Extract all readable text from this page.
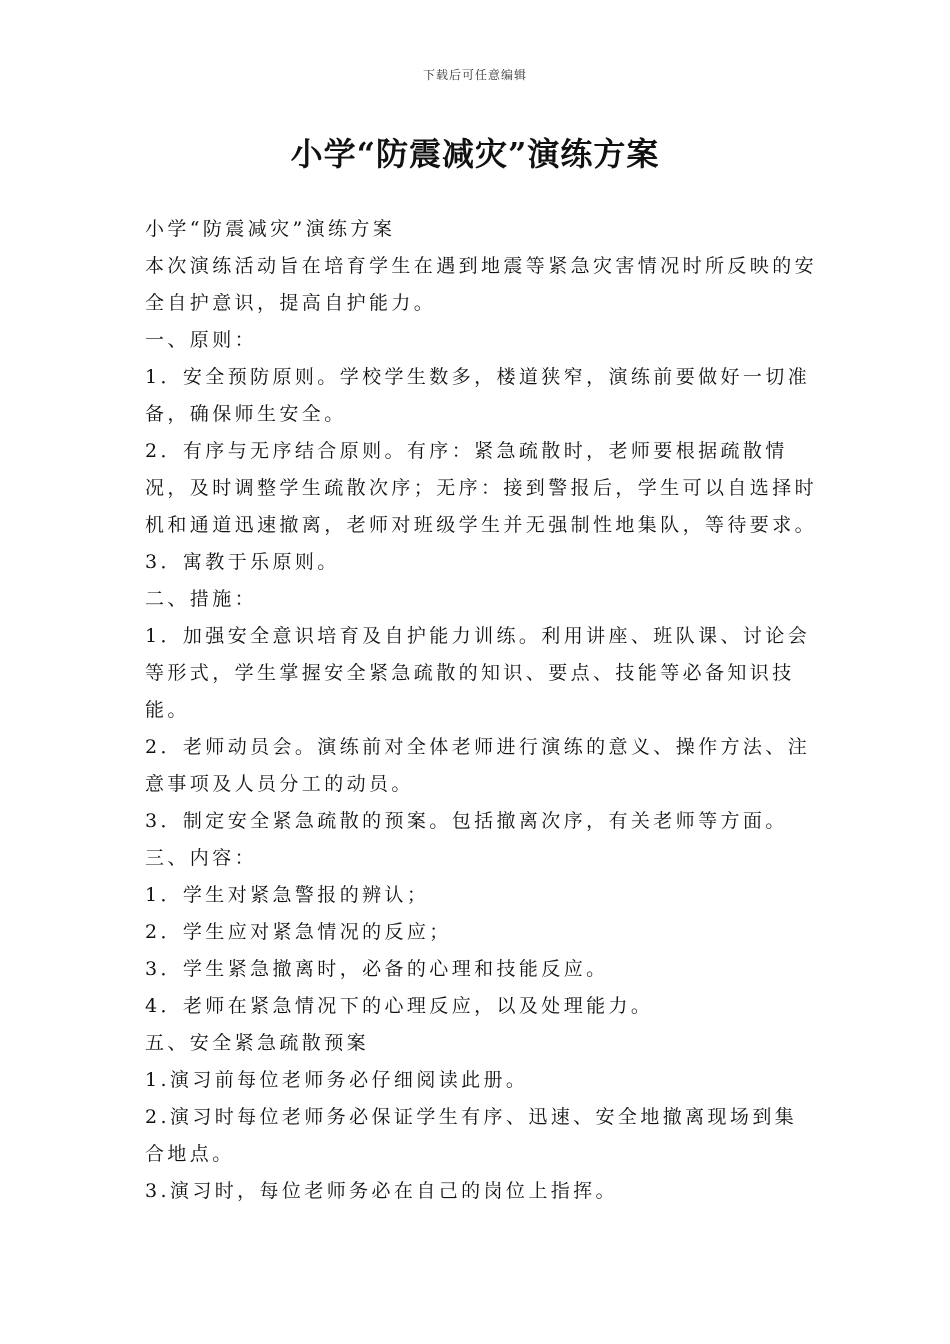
下载后可任意编辑
小学“防震减灾”演练方案

小学“防震减灾”演练方案

本次演练活动旨在培育学生在遇到地震等紧急灾害情况时所反映的安全自护意识，提高自护能力。

一、原则：

1．安全预防原则。学校学生数多，楼道狭窄，演练前要做好一切准备，确保师生安全。

2．有序与无序结合原则。有序：紧急疏散时，老师要根据疏散情况，及时调整学生疏散次序；无序：接到警报后，学生可以自选择时机和通道迅速撤离，老师对班级学生并无强制性地集队，等待要求。

3．寓教于乐原则。

二、措施：

1．加强安全意识培育及自护能力训练。利用讲座、班队课、讨论会等形式，学生掌握安全紧急疏散的知识、要点、技能等必备知识技能。

2．老师动员会。演练前对全体老师进行演练的意义、操作方法、注意事项及人员分工的动员。

3．制定安全紧急疏散的预案。包括撤离次序，有关老师等方面。

三、内容：

1．学生对紧急警报的辨认；

2．学生应对紧急情况的反应；

3．学生紧急撤离时，必备的心理和技能反应。

4．老师在紧急情况下的心理反应，以及处理能力。

五、安全紧急疏散预案

1.演习前每位老师务必仔细阅读此册。

2.演习时每位老师务必保证学生有序、迅速、安全地撤离现场到集合地点。

3.演习时，每位老师务必在自己的岗位上指挥。
